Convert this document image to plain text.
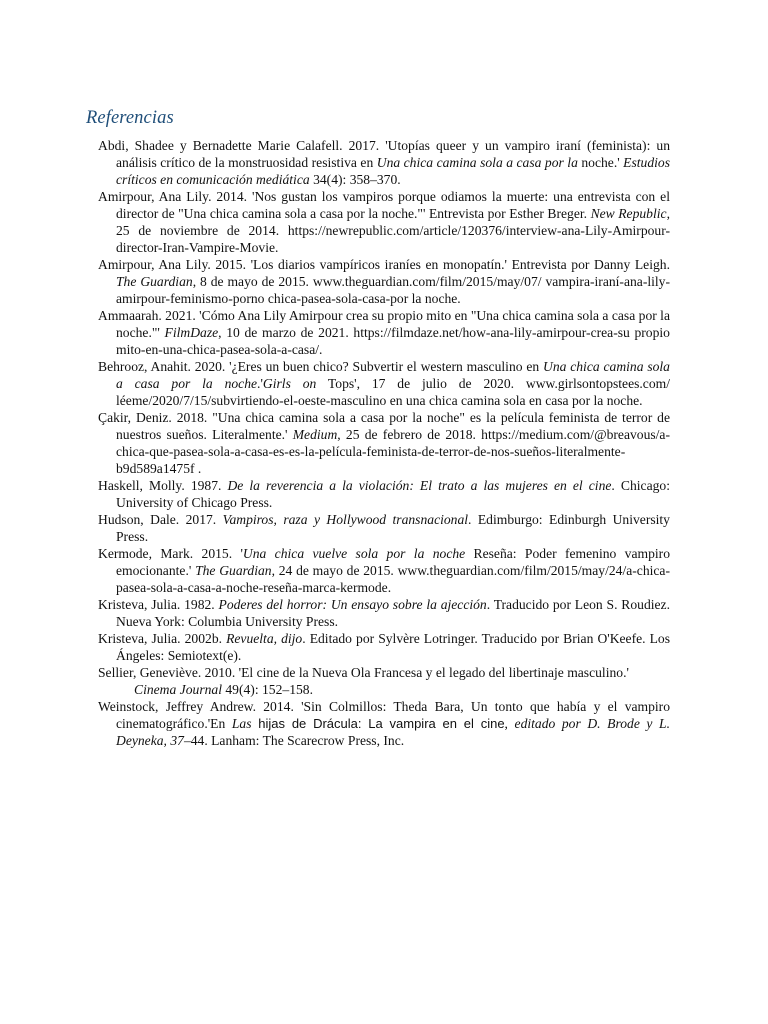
Referencias

Abdi, Shadee y Bernadette Marie Calafell. 2017. 'Utopías queer y un vampiro iraní (feminista): un análisis crítico de la monstruosidad resistiva en Una chica camina sola a casa por la noche.' Estudios críticos en comunicación mediática 34(4): 358–370.

Amirpour, Ana Lily. 2014. 'Nos gustan los vampiros porque odiamos la muerte: una entrevista con el director de "Una chica camina sola a casa por la noche."' Entrevista por Esther Breger. New Republic, 25 de noviembre de 2014. https://newrepublic.com/article/120376/interview-ana-Lily-Amirpour-director-Iran-Vampire-Movie.

Amirpour, Ana Lily. 2015. 'Los diarios vampíricos iraníes en monopatín.' Entrevista por Danny Leigh. The Guardian, 8 de mayo de 2015. www.theguardian.com/film/2015/may/07/ vampira-iraní-ana-lily-amirpour-feminismo-porno chica-pasea-sola-casa-por la noche.

Ammaarah. 2021. 'Cómo Ana Lily Amirpour crea su propio mito en "Una chica camina sola a casa por la noche."' FilmDaze, 10 de marzo de 2021. https://filmdaze.net/how-ana-lily-amirpour-crea-su propio mito-en-una-chica-pasea-sola-a-casa/.

Behrooz, Anahit. 2020. '¿Eres un buen chico? Subvertir el western masculino en Una chica camina sola a casa por la noche.'Girls on Tops', 17 de julio de 2020. www.girlsontopstees.com/ léeme/2020/7/15/subvirtiendo-el-oeste-masculino en una chica camina sola en casa por la noche.

Çakir, Deniz. 2018. "Una chica camina sola a casa por la noche" es la película feminista de terror de nuestros sueños. Literalmente.' Medium, 25 de febrero de 2018. https://medium.com/@breavous/a-chica-que-pasea-sola-a-casa-es-es-la-película-feminista-de-terror-de-nos-sueños-literalmente-b9d589a1475f .

Haskell, Molly. 1987. De la reverencia a la violación: El trato a las mujeres en el cine. Chicago: University of Chicago Press.

Hudson, Dale. 2017. Vampiros, raza y Hollywood transnacional. Edimburgo: Edinburgh University Press.

Kermode, Mark. 2015. 'Una chica vuelve sola por la noche Reseña: Poder femenino vampiro emocionante.' The Guardian, 24 de mayo de 2015. www.theguardian.com/film/2015/may/24/a-chica-pasea-sola-a-casa-a-noche-reseña-marca-kermode.

Kristeva, Julia. 1982. Poderes del horror: Un ensayo sobre la ajección. Traducido por Leon S. Roudiez. Nueva York: Columbia University Press.

Kristeva, Julia. 2002b. Revuelta, dijo. Editado por Sylvère Lotringer. Traducido por Brian O'Keefe. Los Ángeles: Semiotext(e).

Sellier, Geneviève. 2010. 'El cine de la Nueva Ola Francesa y el legado del libertinaje masculino.'
Cinema Journal 49(4): 152–158.

Weinstock, Jeffrey Andrew. 2014. 'Sin Colmillos: Theda Bara, Un tonto que había y el vampiro cinematográfico.'En Las hijas de Drácula: La vampira en el cine, editado por D. Brode y L. Deyneka, 37–44. Lanham: The Scarecrow Press, Inc.
